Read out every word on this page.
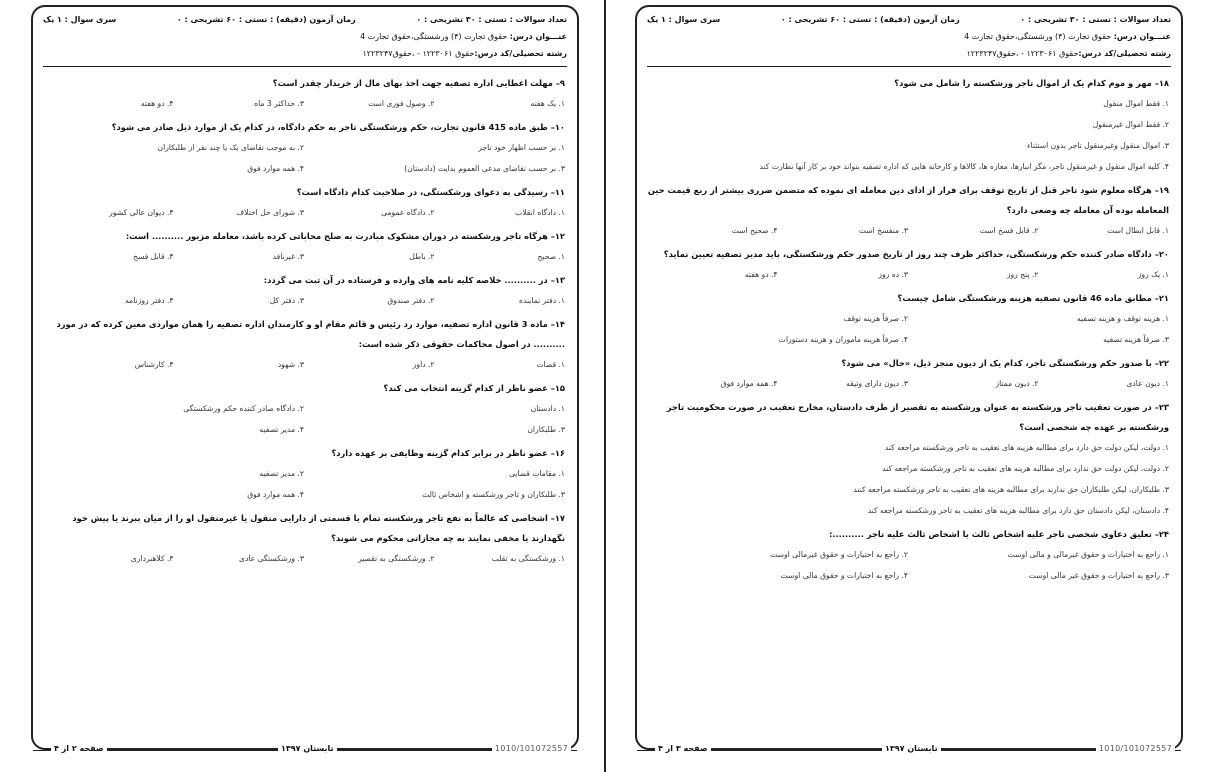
تعداد سوالات : تستی : ۳۰ تشریحی : ۰
زمان آزمون (دقیقه) : تستی : ۶۰ تشریحی : ۰
سری سوال : ۱ یک
عنـــوان درس: حقوق تجارت (۴) ورشستگی،حقوق تجارت 4
رشته تحصیلی/کد درس:حقوق ۱۲۲۳۰۶۱ - ،حقوق۱۲۲۳۲۴۷
۹– مهلت اعطایی اداره تصفیه جهت اخذ بهای مال از خریدار چقدر است؟
۱. یک هفته
۲. وصول فوری است
۳. حداکثر 3 ماه
۴. دو هفته
۱۰– طبق ماده 415 قانون تجارت، حکم ورشکستگی تاجر به حکم دادگاه، در کدام یک از موارد ذیل صادر می شود؟
۱. بر حسب اظهار خود تاجر
۲. به موجب تقاضای یک یا چند نفر از طلبکاران
۳. بر حسب تقاضای مدعی العموم بدایت (دادستان)
۴. همه موارد فوق
۱۱– رسیدگی به دعوای ورشکستگی، در صلاحیت کدام دادگاه است؟
۱. دادگاه انقلاب
۲. دادگاه عمومی
۳. شورای حل اختلاف
۴. دیوان عالی کشور
۱۲– هرگاه تاجر ورشکسته در دوران مشکوک مبادرت به صلح محاباتی کرده باشد، معامله مزبور .......... است:
۱. صحیح
۲. باطل
۳. غیرنافذ
۴. قابل فسخ
۱۳– در .......... خلاصه کلیه نامه های وارده و فرستاده در آن ثبت می گردد:
۱. دفتر نماینده
۲. دفتر صندوق
۳. دفتر کل
۴. دفتر روزنامه
۱۴– ماده 3 قانون اداره تصفیه، موارد رد رئیس و قائم مقام او و کارمندان اداره تصفیه را همان مواردی معین کرده که در مورد .......... در اصول محاکمات حقوقی ذکر شده است:
۱. قضات
۲. داور
۳. شهود
۴. کارشناس
۱۵– عضو ناظر از کدام گزینه انتخاب می کند؟
۱. دادستان
۲. دادگاه صادر کننده حکم ورشکستگی
۳. طلبکاران
۴. مدیر تصفیه
۱۶– عضو ناظر در برابر کدام گزینه وظایفی بر عهده دارد؟
۱. مقامات قضایی
۲. مدیر تصفیه
۳. طلبکاران و تاجر ورشکسته و اشخاص ثالث
۴. همه موارد فوق
۱۷– اشخاصی که عالماً به نفع تاجر ورشکسته تمام یا قسمتی از دارایی منقول یا غیرمنقول او را از میان ببرند یا پیش خود نگهدارند یا مخفی نمایند به چه مجازاتی محکوم می شوند؟
۱. ورشکستگی به تقلب
۲. ورشکستگی به تقصیر
۳. ورشکستگی عادی
۴. کلاهبرداری
صفحه ۲ از ۴	تابستان ۱۳۹۷	1010/101072557
تعداد سوالات : تستی : ۳۰ تشریحی : ۰
زمان آزمون (دقیقه) : تستی : ۶۰ تشریحی : ۰
سری سوال : ۱ یک
عنـــوان درس: حقوق تجارت (۴) ورشستگی،حقوق تجارت 4
رشته تحصیلی/کد درس:حقوق ۱۲۲۳۰۶۱ - ،حقوق۱۲۲۳۲۴۷
۱۸– مهر و موم کدام یک از اموال تاجر ورشکسته را شامل می شود؟
۱. فقط اموال منقول
۲. فقط اموال غیرمنقول
۳. اموال منقول وغیرمنقول تاجر بدون استثناء
۴. کلیه اموال منقول و غیرمنقول تاجر، مگر انبارها، معازه ها، کالاها و کارخانه هایی که اداره تصفیه بتواند خود بر کار آنها نظارت کند
۱۹– هرگاه معلوم شود تاجر قبل از تاریخ توقف برای فرار از ادای دین معامله ای نموده که متضمن ضرری بیشتر از ربع قیمت حین المعامله بوده آن معامله چه وضعی دارد؟
۱. قابل ابطال است
۲. قابل فسخ است
۳. منفسخ است
۴. صحیح است
۲۰– دادگاه صادر کننده حکم ورشکستگی، حداکثر ظرف چند روز از تاریخ صدور حکم ورشکستگی، باید مدیر تصفیه تعیین نماید؟
۱. یک روز
۲. پنج روز
۳. ده روز
۴. دو هفته
۲۱– مطابق ماده 46 قانون تصفیه هزینه ورشکستگی شامل چیست؟
۱. هزینه توقف و هزینه تصفیه
۲. صرفاً هزینه توقف
۳. صرفاً هزینه تصفیه
۴. صرفاً هزینه ماموران و هزینه دستورات
۲۲– با صدور حکم ورشکستگی تاجر، کدام یک از دیون منجز ذیل، «حال» می شود؟
۱. دیون عادی
۲. دیون ممتاز
۳. دیون دارای وثیقه
۴. همه موارد فوق
۲۳– در صورت تعقیب تاجر ورشکسته به عنوان ورشکسته به تقصیر از طرف دادستان، مخارج تعقیب در صورت محکومیت تاجر ورشکسته بر عهده چه شخصی است؟
۱. دولت، لیکن دولت حق دارد برای مطالبه هزینه های تعقیب به تاجر ورشکسته مراجعه کند
۲. دولت، لیکن دولت حق ندارد برای مطالبه هزینه های تعقیب به تاجر ورشکسته مراجعه کند
۳. طلبکاران، لیکن طلبکاران حق ندارند برای مطالبه هزینه های تعقیب به تاجر ورشکسته مراجعه کنند
۴. دادستان، لیکن دادستان حق دارد برای مطالبه هزینه های تعقیب به تاجر ورشکسته مراجعه کند
۲۴– تعلیق دعاوی شخصی تاجر علیه اشخاص ثالث یا اشخاص ثالث علیه تاجر ..........:
۱. راجع به اختیارات و حقوق غیرمالی و مالی اوست
۲. راجع به اختیارات و حقوق غیرمالی اوست
۳. راجع به اختیارات و حقوق غیر مالی اوست
۴. راجع به اختیارات و حقوق مالی اوست
صفحه ۳ از ۴	تابستان ۱۳۹۷	1010/101072557
